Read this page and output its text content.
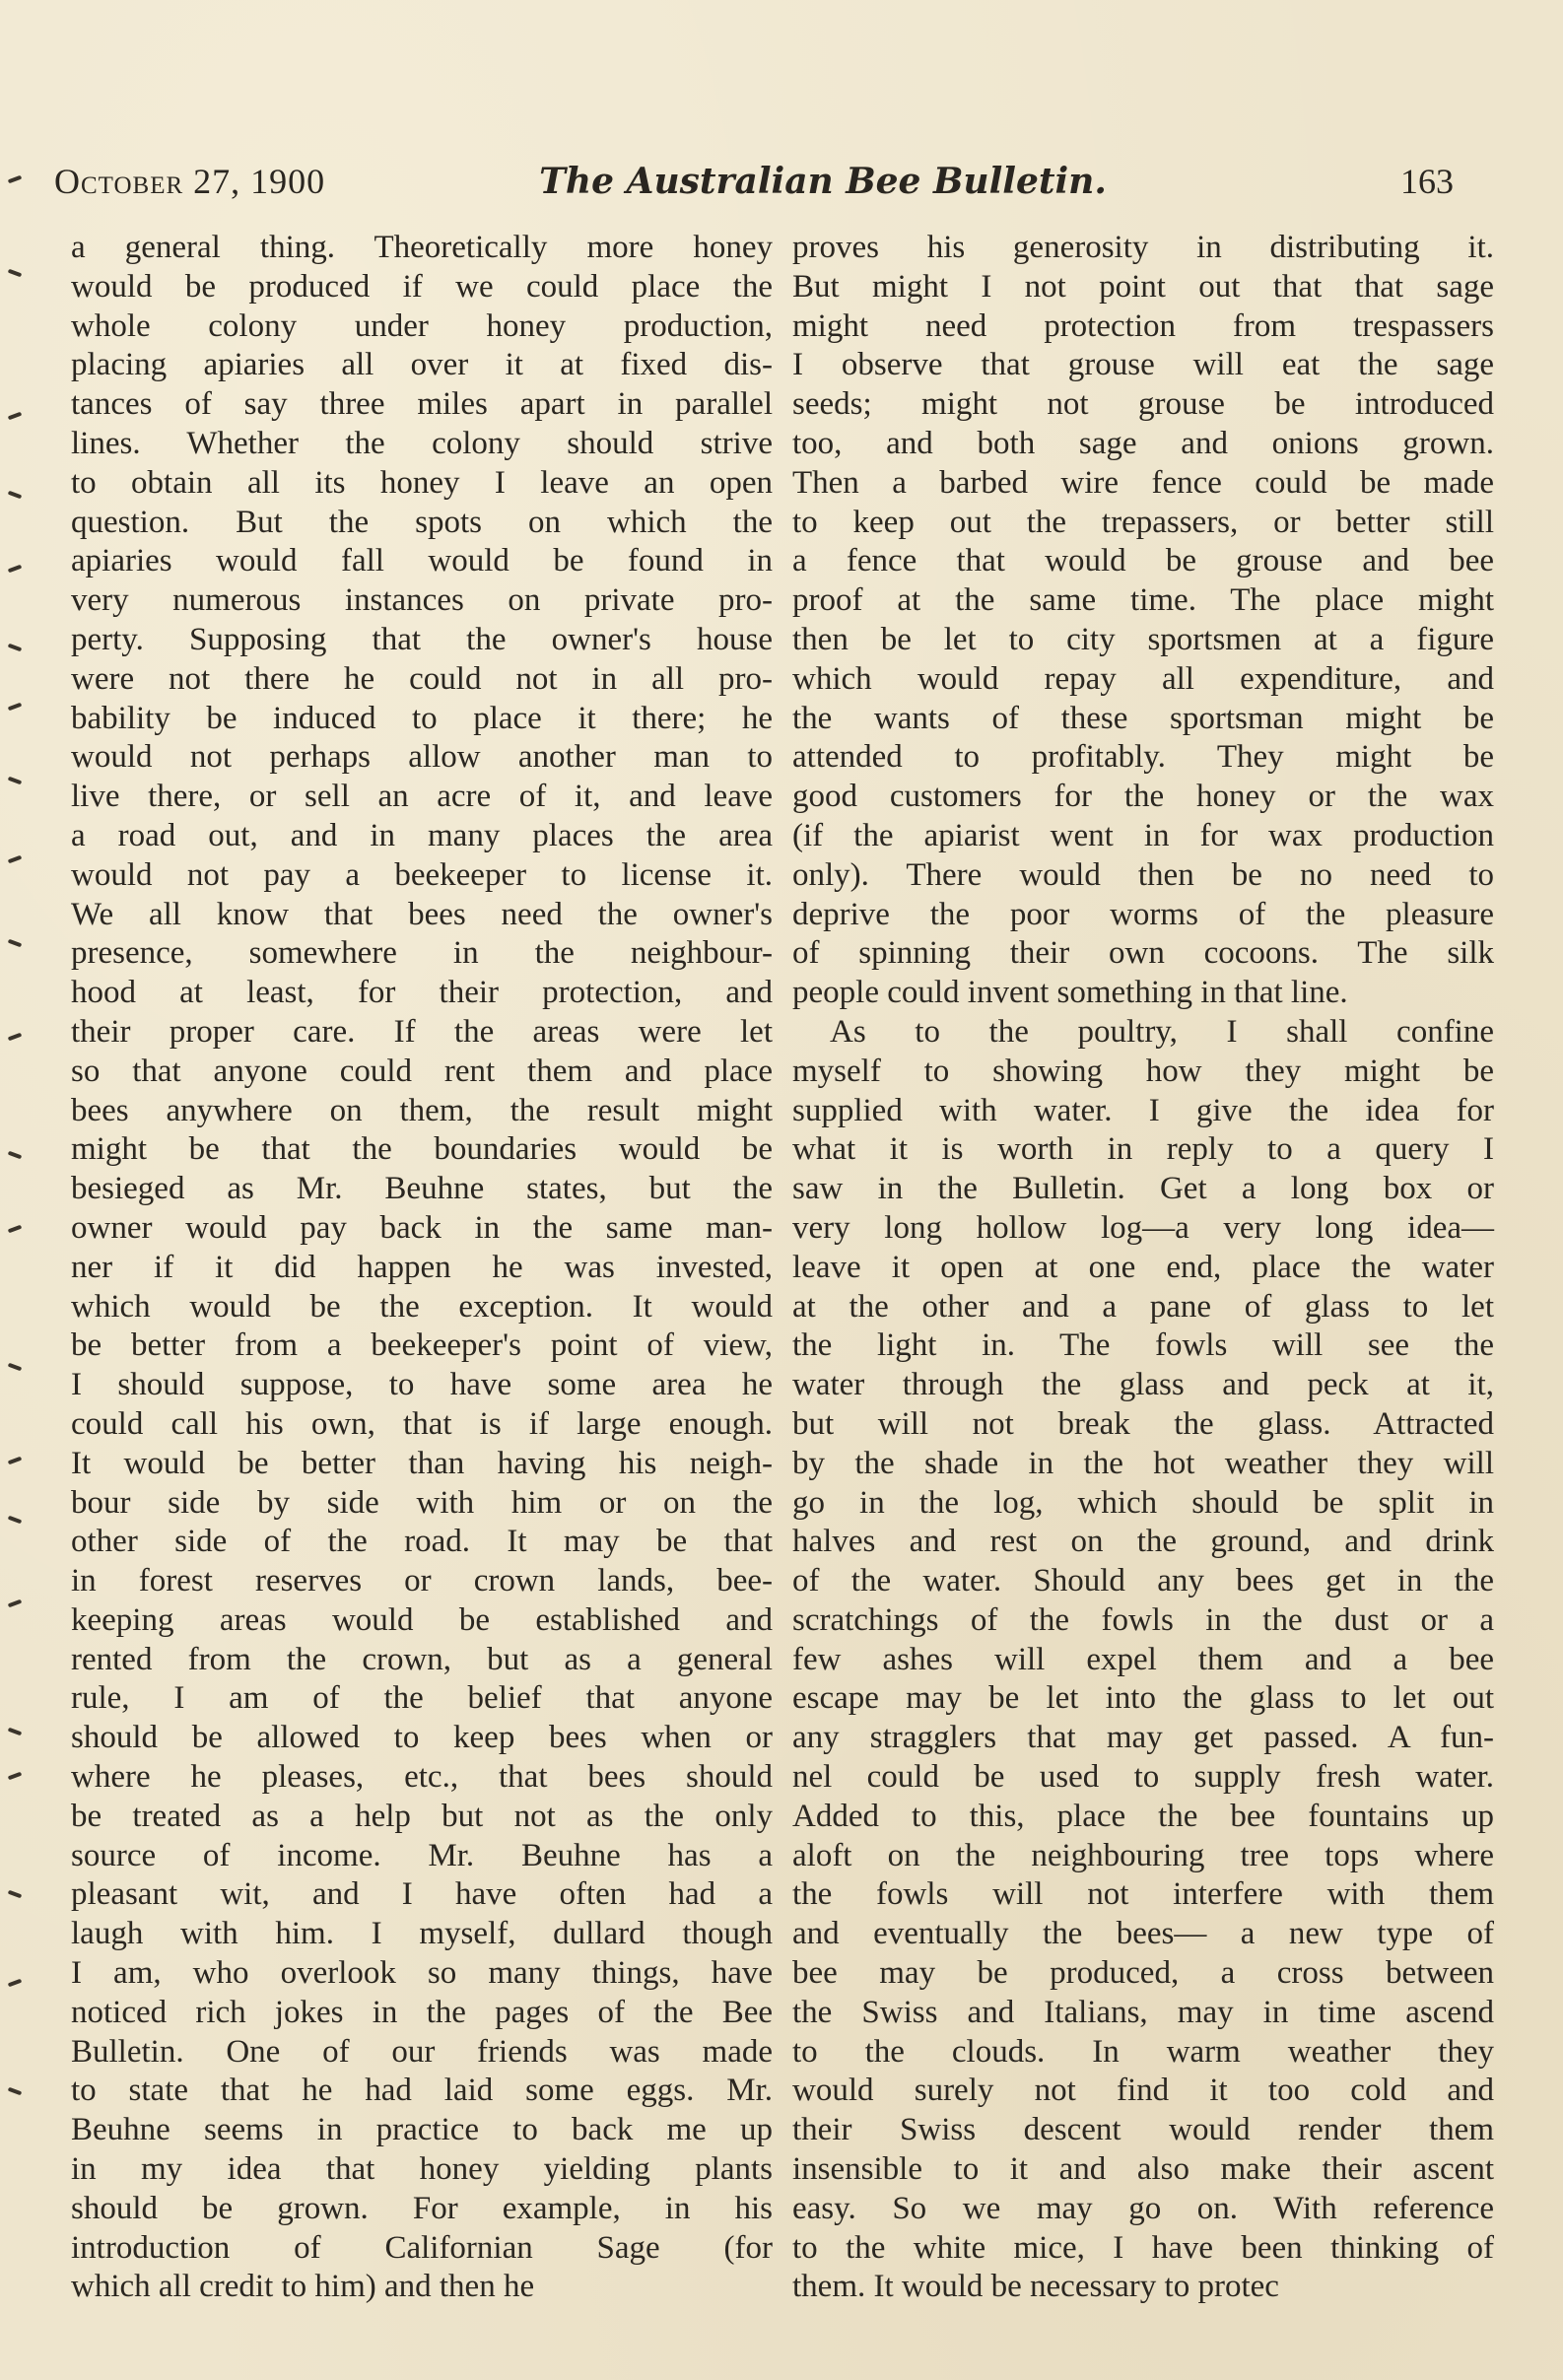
October 27, 1900	The Australian Bee Bulletin.	163
a general thing. Theoretically more honey
would be produced if we could place the
whole colony under honey production,
placing apiaries all over it at fixed dis-
tances of say three miles apart in parallel
lines. Whether the colony should strive
to obtain all its honey I leave an open
question. But the spots on which the
apiaries would fall would be found in
very numerous instances on private pro-
perty. Supposing that the owner's house
were not there he could not in all pro-
bability be induced to place it there; he
would not perhaps allow another man to
live there, or sell an acre of it, and leave
a road out, and in many places the area
would not pay a beekeeper to license it.
We all know that bees need the owner's
presence, somewhere in the neighbour-
hood at least, for their protection, and
their proper care. If the areas were let
so that anyone could rent them and place
bees anywhere on them, the result might
might be that the boundaries would be
besieged as Mr. Beuhne states, but the
owner would pay back in the same man-
ner if it did happen he was invested,
which would be the exception. It would
be better from a beekeeper's point of view,
I should suppose, to have some area he
could call his own, that is if large enough.
It would be better than having his neigh-
bour side by side with him or on the
other side of the road. It may be that
in forest reserves or crown lands, bee-
keeping areas would be established and
rented from the crown, but as a general
rule, I am of the belief that anyone
should be allowed to keep bees when or
where he pleases, etc., that bees should
be treated as a help but not as the only
source of income. Mr. Beuhne has a
pleasant wit, and I have often had a
laugh with him. I myself, dullard though
I am, who overlook so many things, have
noticed rich jokes in the pages of the Bee
Bulletin. One of our friends was made
to state that he had laid some eggs. Mr.
Beuhne seems in practice to back me up
in my idea that honey yielding plants
should be grown. For example, in his
introduction of Californian Sage (for
which all credit to him) and then he
proves his generosity in distributing it.
But might I not point out that that sage
might need protection from trespassers
I observe that grouse will eat the sage
seeds; might not grouse be introduced
too, and both sage and onions grown.
Then a barbed wire fence could be made
to keep out the trepassers, or better still
a fence that would be grouse and bee
proof at the same time. The place might
then be let to city sportsmen at a figure
which would repay all expenditure, and
the wants of these sportsman might be
attended to profitably. They might be
good customers for the honey or the wax
(if the apiarist went in for wax production
only). There would then be no need to
deprive the poor worms of the pleasure
of spinning their own cocoons. The silk
people could invent something in that line.
As to the poultry, I shall confine
myself to showing how they might be
supplied with water. I give the idea for
what it is worth in reply to a query I
saw in the Bulletin. Get a long box or
very long hollow log—a very long idea—
leave it open at one end, place the water
at the other and a pane of glass to let
the light in. The fowls will see the
water through the glass and peck at it,
but will not break the glass. Attracted
by the shade in the hot weather they will
go in the log, which should be split in
halves and rest on the ground, and drink
of the water. Should any bees get in the
scratchings of the fowls in the dust or a
few ashes will expel them and a bee
escape may be let into the glass to let out
any stragglers that may get passed. A fun-
nel could be used to supply fresh water.
Added to this, place the bee fountains up
aloft on the neighbouring tree tops where
the fowls will not interfere with them
and eventually the bees— a new type of
bee may be produced, a cross between
the Swiss and Italians, may in time ascend
to the clouds. In warm weather they
would surely not find it too cold and
their Swiss descent would render them
insensible to it and also make their ascent
easy. So we may go on. With reference
to the white mice, I have been thinking of
them. It would be necessary to protec
